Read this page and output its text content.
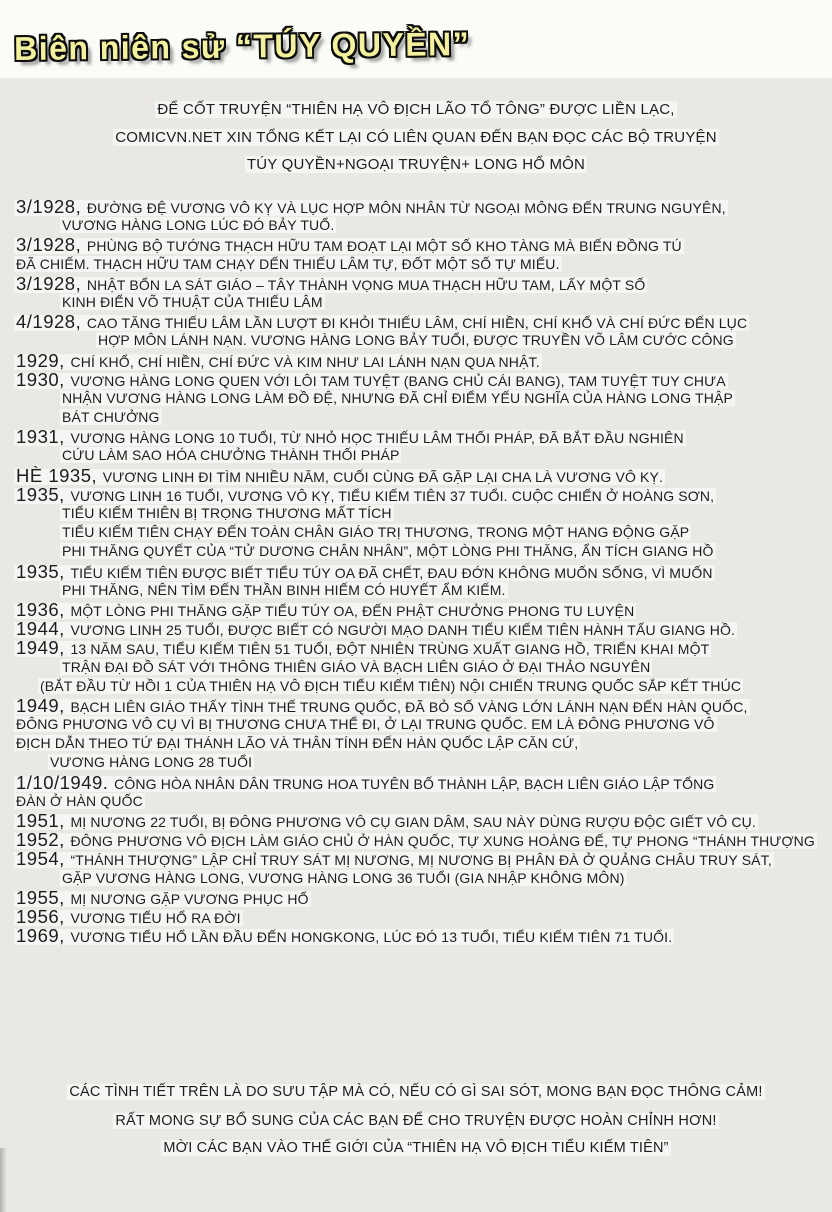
Biên niên sử “TÚY QUYỀN”
ĐỂ CỐT TRUYỆN “THIÊN HẠ VÔ ĐỊCH LÃO TỔ TÔNG” ĐƯỢC LIỀN LẠC,
COMICVN.NET XIN TỔNG KẾT LẠI CÓ LIÊN QUAN ĐẾN BẠN ĐỌC CÁC BỘ TRUYỆN
TÚY QUYỀN+NGOẠI TRUYỆN+ LONG HỔ MÔN
3/1928, ĐƯỜNG ĐỆ VƯƠNG VÔ KỴ VÀ LỤC HỢP MÔN NHÂN TỪ NGOẠI MÔNG ĐẾN TRUNG NGUYÊN,
VƯƠNG HÀNG LONG LÚC ĐÓ BẢY TUỔ.
3/1928, PHÙNG BỘ TƯỚNG THẠCH HỮU TAM ĐOẠT LẠI MỘT SỐ KHO TÀNG MÀ BIẾN ĐỒNG TÚ
ĐÃ CHIẾM. THẠCH HỮU TAM CHẠY DẾN THIẾU LÂM TỰ, ĐỐT MỘT SỐ TỰ MIẾU.
3/1928, NHẬT BỔN LA SÁT GIÁO – TÂY THÀNH VỌNG MUA THẠCH HỮU TAM, LẤY MỘT SỐ
KINH ĐIỂN VÕ THUẬT CỦA THIẾU LÂM
4/1928, CAO TĂNG THIẾU LÂM LẦN LƯỢT ĐI KHỎI THIẾU LÂM, CHÍ HIỀN, CHÍ KHỔ VÀ CHÍ ĐỨC ĐẾN LỤC
HỢP MÔN LÁNH NẠN. VƯƠNG HÀNG LONG BẢY TUỔI, ĐƯỢC TRUYỀN VÕ LÂM CƯỚC CÔNG
1929, CHÍ KHỔ, CHÍ HIỀN, CHÍ ĐỨC VÀ KIM NHƯ LAI LÁNH NẠN QUA NHẬT.
1930, VƯƠNG HÀNG LONG QUEN VỚI LÔI TAM TUYỆT (BANG CHỦ CÁI BANG), TAM TUYỆT TUY CHƯA
NHẬN VƯƠNG HÀNG LONG LÀM ĐỒ ĐỆ, NHƯNG ĐÃ CHỈ ĐIỂM YẾU NGHĨA CỦA HÀNG LONG THẬP
BÁT CHƯỞNG
1931, VƯƠNG HÀNG LONG 10 TUỔI, TỪ NHỎ HỌC THIẾU LÂM THỐI PHÁP, ĐÃ BẮT ĐẦU NGHIÊN
CỨU LÀM SAO HÓA CHƯỞNG THÀNH THỐI PHÁP
HÈ 1935, VƯƠNG LINH ĐI TÌM NHIỀU NĂM, CUỐI CÙNG ĐÃ GẶP LẠI CHA LÀ VƯƠNG VÔ KỴ.
1935, VƯƠNG LINH 16 TUỔI, VƯƠNG VÔ KỴ, TIỂU KIẾM TIÊN 37 TUỔI. CUỘC CHIẾN Ở HOÀNG SƠN,
TIỂU KIẾM THIÊN BỊ TRỌNG THƯƠNG MẤT TÍCH
TIỂU KIẾM TIÊN CHẠY ĐẾN TOÀN CHÂN GIÁO TRỊ THƯƠNG, TRONG MỘT HANG ĐỘNG GẶP
PHI THĂNG QUYẾT CỦA “TỬ DƯƠNG CHÂN NHÂN”, MỘT LÒNG PHI THĂNG, ẨN TÍCH GIANG HỒ
1935, TIỂU KIẾM TIÊN ĐƯỢC BIẾT TIỂU TÚY OA ĐÃ CHẾT, ĐAU ĐỚN KHÔNG MUỐN SỐNG, VÌ MUỐN
PHI THĂNG, NÊN TÌM ĐẾN THẦN BINH HIẾM CÓ HUYẾT ẨM KIẾM.
1936, MỘT LÒNG PHI THĂNG GẶP TIỂU TÚY OA, ĐẾN PHẬT CHƯỞNG PHONG TU LUYỆN
1944, VƯƠNG LINH 25 TUỔI, ĐƯỢC BIẾT CÓ NGƯỜI MẠO DANH TIỂU KIẾM TIÊN HÀNH TẨU GIANG HỒ.
1949, 13 NĂM SAU, TIỂU KIẾM TIÊN 51 TUỔI, ĐỘT NHIÊN TRÙNG XUẤT GIANG HỒ, TRIỂN KHAI MỘT
TRẬN ĐẠI ĐỒ SÁT VỚI THÔNG THIÊN GIÁO VÀ BẠCH LIÊN GIÁO Ở ĐẠI THẢO NGUYÊN
(BẮT ĐẦU TỪ HỒI 1 CỦA THIÊN HẠ VÔ ĐỊCH TIỂU KIẾM TIÊN) NỘI CHIẾN TRUNG QUỐC SẮP KẾT THÚC
1949, BẠCH LIÊN GIÁO THẤY TÌNH THẾ TRUNG QUỐC, ĐÃ BỎ SỐ VÀNG LỚN LÁNH NẠN ĐẾN HÀN QUỐC,
ĐÔNG PHƯƠNG VÔ CỤ VÌ BỊ THƯƠNG CHƯA THỂ ĐI, Ở LẠI TRUNG QUỐC. EM LÀ ĐÔNG PHƯƠNG VÔ
ĐỊCH DẪN THEO TỨ ĐẠI THÁNH LÃO VÀ THÂN TÍNH ĐẾN HÀN QUỐC LẬP CĂN CỨ,
VƯƠNG HÀNG LONG 28 TUỔI
1/10/1949. CÔNG HÒA NHÂN DÂN TRUNG HOA TUYÊN BỐ THÀNH LẬP, BẠCH LIÊN GIÁO LẬP TỔNG
ĐÀN Ở HÀN QUỐC
1951, MỊ NƯƠNG 22 TUỔI, BỊ ĐÔNG PHƯƠNG VÔ CỤ GIAN DÂM, SAU NÀY DÙNG RƯỢU ĐỘC GIẾT VÔ CỤ.
1952, ĐÔNG PHƯƠNG VÔ ĐỊCH LÀM GIÁO CHỦ Ở HÀN QUỐC, TỰ XUNG HOÀNG ĐẾ, TỰ PHONG “THÁNH THƯỢNG
1954, “THÁNH THƯỢNG” LẬP CHỈ TRUY SÁT MỊ NƯƠNG, MỊ NƯƠNG BỊ PHÂN ĐÀ Ở QUẢNG CHÂU TRUY SÁT,
GẶP VƯƠNG HÀNG LONG, VƯƠNG HÀNG LONG 36 TUỔI (GIA NHẬP KHÔNG MÔN)
1955, MỊ NƯƠNG GẶP VƯƠNG PHỤC HỔ
1956, VƯƠNG TIỂU HỔ RA ĐỜI
1969, VƯƠNG TIỂU HỔ LẦN ĐẦU ĐẾN HONGKONG, LÚC ĐÓ 13 TUỔI, TIỂU KIẾM TIÊN 71 TUỔI.
CÁC TÌNH TIẾT TRÊN LÀ DO SƯU TẬP MÀ CÓ, NẾU CÓ GÌ SAI SÓT, MONG BẠN ĐỌC THÔNG CẢM!
RẤT MONG SỰ BỔ SUNG CỦA CÁC BẠN ĐỂ CHO TRUYỆN ĐƯỢC HOÀN CHỈNH HƠN!
MỜI CÁC BẠN VÀO THẾ GIỚI CỦA “THIÊN HẠ VÔ ĐỊCH TIỂU KIẾM TIÊN”
